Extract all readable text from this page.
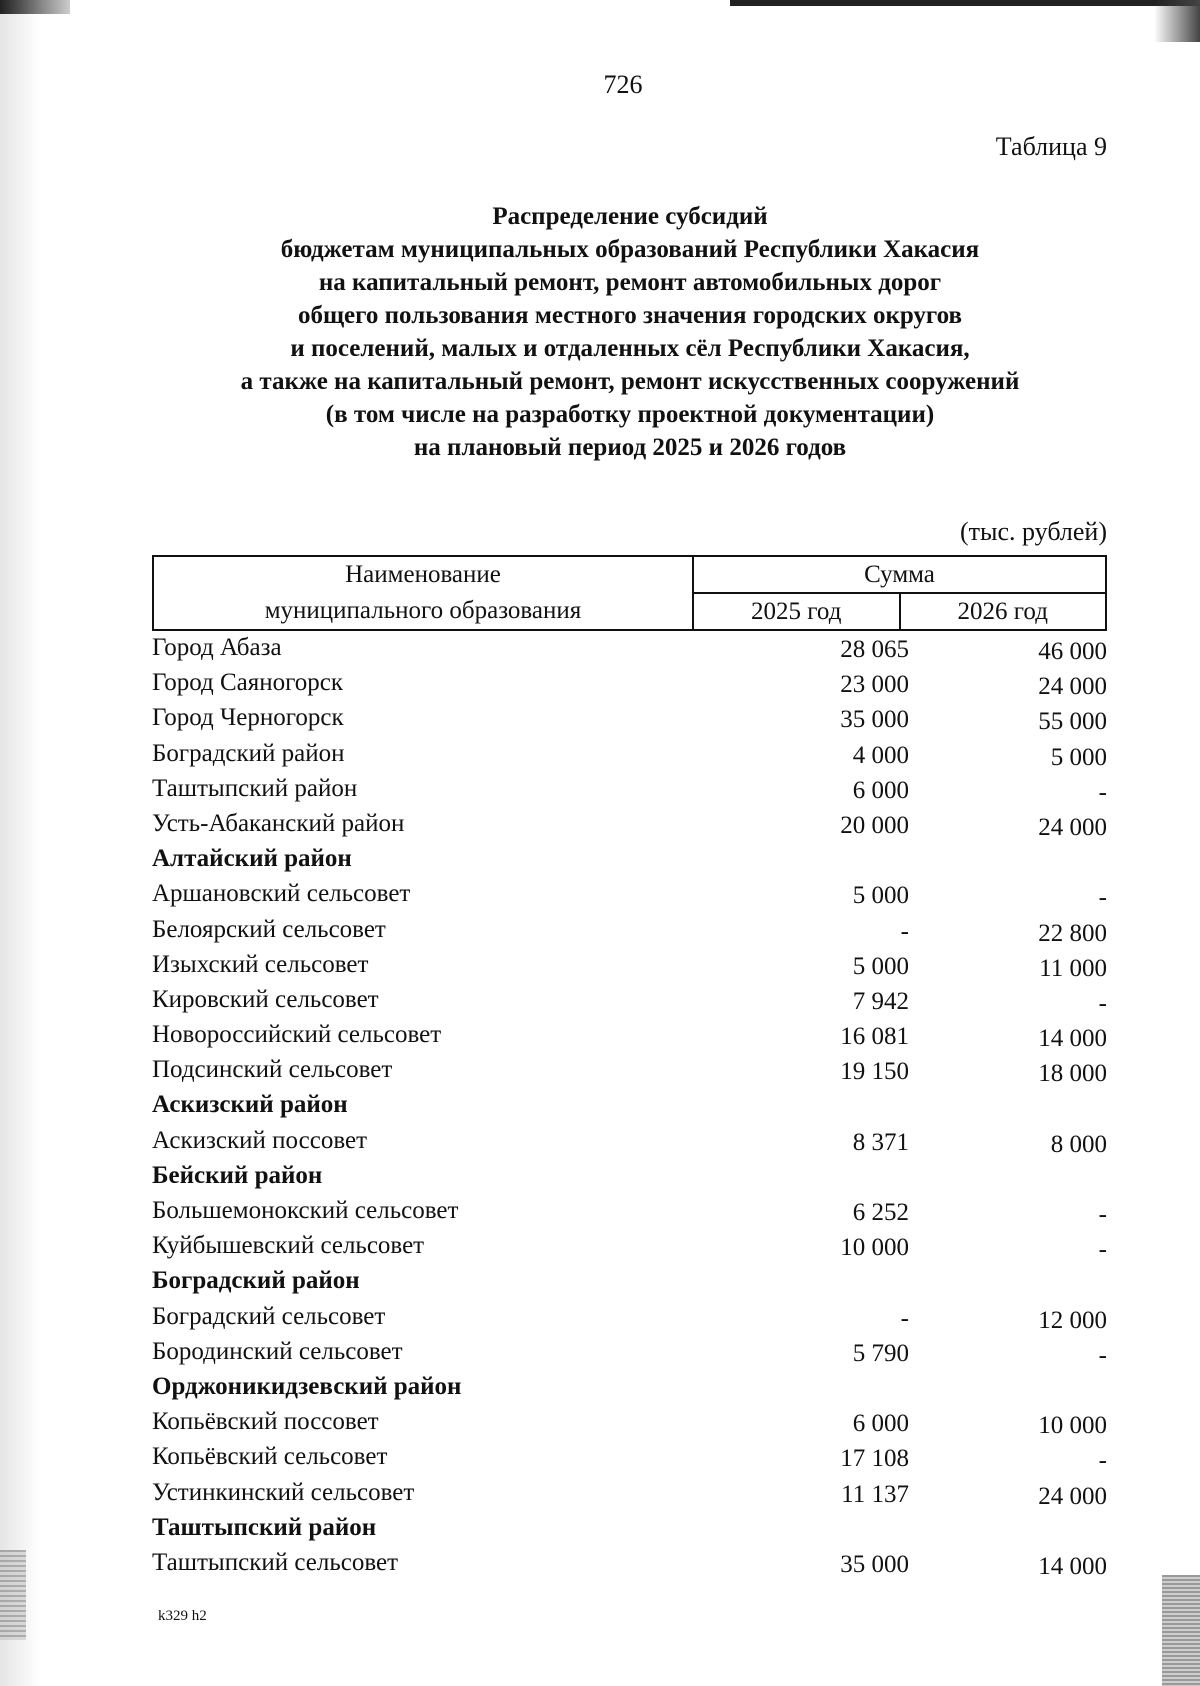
726
Таблица 9
Распределение субсидий
бюджетам муниципальных образований Республики Хакасия
на капитальный ремонт, ремонт автомобильных дорог
общего пользования местного значения городских округов
и поселений, малых и отдаленных сёл Республики Хакасия,
а также на капитальный ремонт, ремонт искусственных сооружений
(в том числе на разработку проектной документации)
на плановый период 2025 и 2026 годов
(тыс. рублей)
Наименование
муниципального образования	Сумма	
	2025 год	2026 год
Город Абаза	28 065	46 000
Город Саяногорск	23 000	24 000
Город Черногорск	35 000	55 000
Боградский район	4 000	5 000
Таштыпский район	6 000	-
Усть-Абаканский район	20 000	24 000
Алтайский район
Аршановский сельсовет	5 000	-
Белоярский сельсовет	-	22 800
Изыхский сельсовет	5 000	11 000
Кировский сельсовет	7 942	-
Новороссийский сельсовет	16 081	14 000
Подсинский сельсовет	19 150	18 000
Аскизский район
Аскизский поссовет	8 371	8 000
Бейский район
Большемонокский сельсовет	6 252	-
Куйбышевский сельсовет	10 000	-
Боградский район
Боградский сельсовет	-	12 000
Бородинский сельсовет	5 790	-
Орджоникидзевский район
Копьёвский поссовет	6 000	10 000
Копьёвский сельсовет	17 108	-
Устинкинский сельсовет	11 137	24 000
Таштыпский район
Таштыпский сельсовет	35 000	14 000
k329 h2
